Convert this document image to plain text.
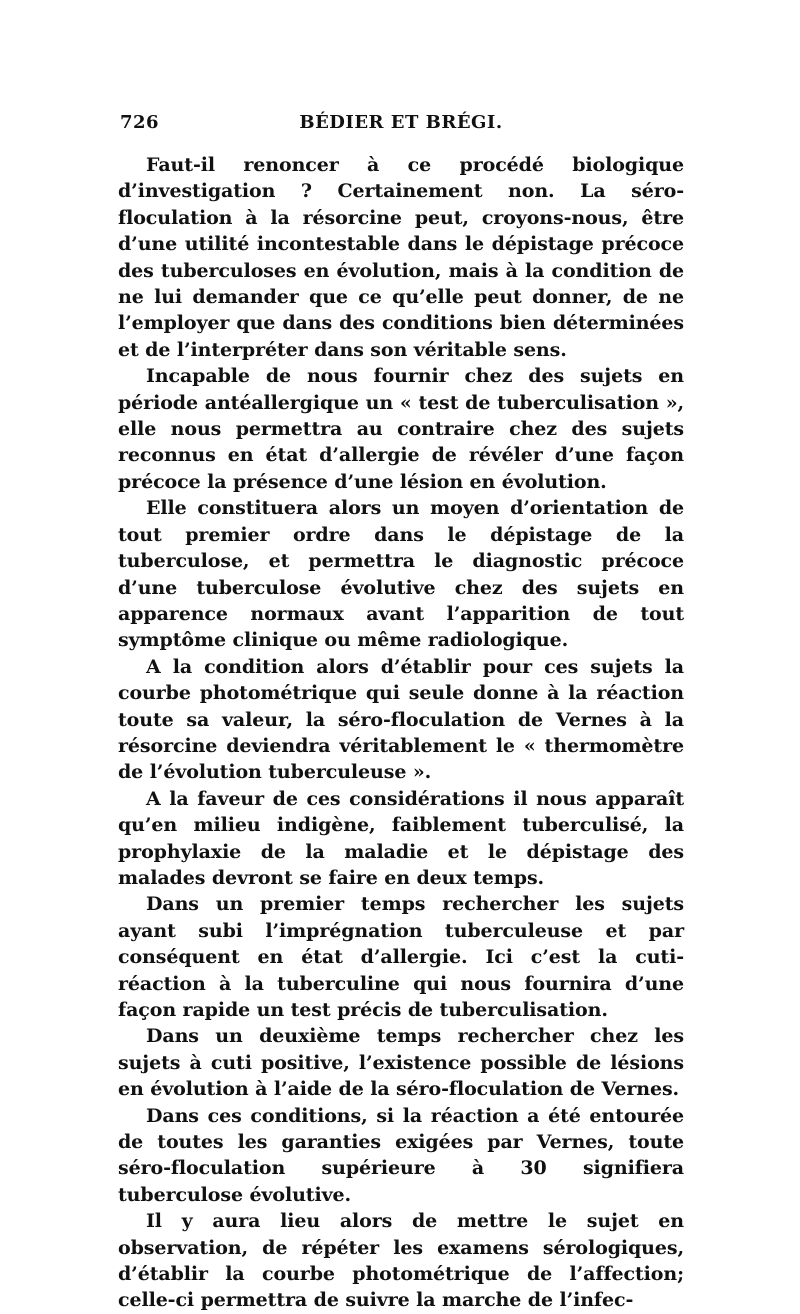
726	BÉDIER ET BRÉGI.

Faut-il renoncer à ce procédé biologique d’investigation ? Certainement non. La séro-floculation à la résorcine peut, croyons-nous, être d’une utilité incontestable dans le dépistage précoce des tuberculoses en évolution, mais à la condition de ne lui demander que ce qu’elle peut donner, de ne l’employer que dans des conditions bien déterminées et de l’interpréter dans son véritable sens.

Incapable de nous fournir chez des sujets en période antéallergique un « test de tuberculisation », elle nous permettra au contraire chez des sujets reconnus en état d’allergie de révéler d’une façon précoce la présence d’une lésion en évolution.

Elle constituera alors un moyen d’orientation de tout premier ordre dans le dépistage de la tuberculose, et permettra le diagnostic précoce d’une tuberculose évolutive chez des sujets en apparence normaux avant l’apparition de tout symptôme clinique ou même radiologique.

A la condition alors d’établir pour ces sujets la courbe photométrique qui seule donne à la réaction toute sa valeur, la séro-floculation de Vernes à la résorcine deviendra véritablement le « thermomètre de l’évolution tuberculeuse ».

A la faveur de ces considérations il nous apparaît qu’en milieu indigène, faiblement tuberculisé, la prophylaxie de la maladie et le dépistage des malades devront se faire en deux temps.

Dans un premier temps rechercher les sujets ayant subi l’imprégnation tuberculeuse et par conséquent en état d’allergie. Ici c’est la cuti-réaction à la tuberculine qui nous fournira d’une façon rapide un test précis de tuberculisation.

Dans un deuxième temps rechercher chez les sujets à cuti positive, l’existence possible de lésions en évolution à l’aide de la séro-floculation de Vernes.

Dans ces conditions, si la réaction a été entourée de toutes les garanties exigées par Vernes, toute séro-floculation supérieure à 30 signifiera tuberculose évolutive.

Il y aura lieu alors de mettre le sujet en observation, de répéter les examens sérologiques, d’établir la courbe photométrique de l’affection; celle-ci permettra de suivre la marche de l’infec-
